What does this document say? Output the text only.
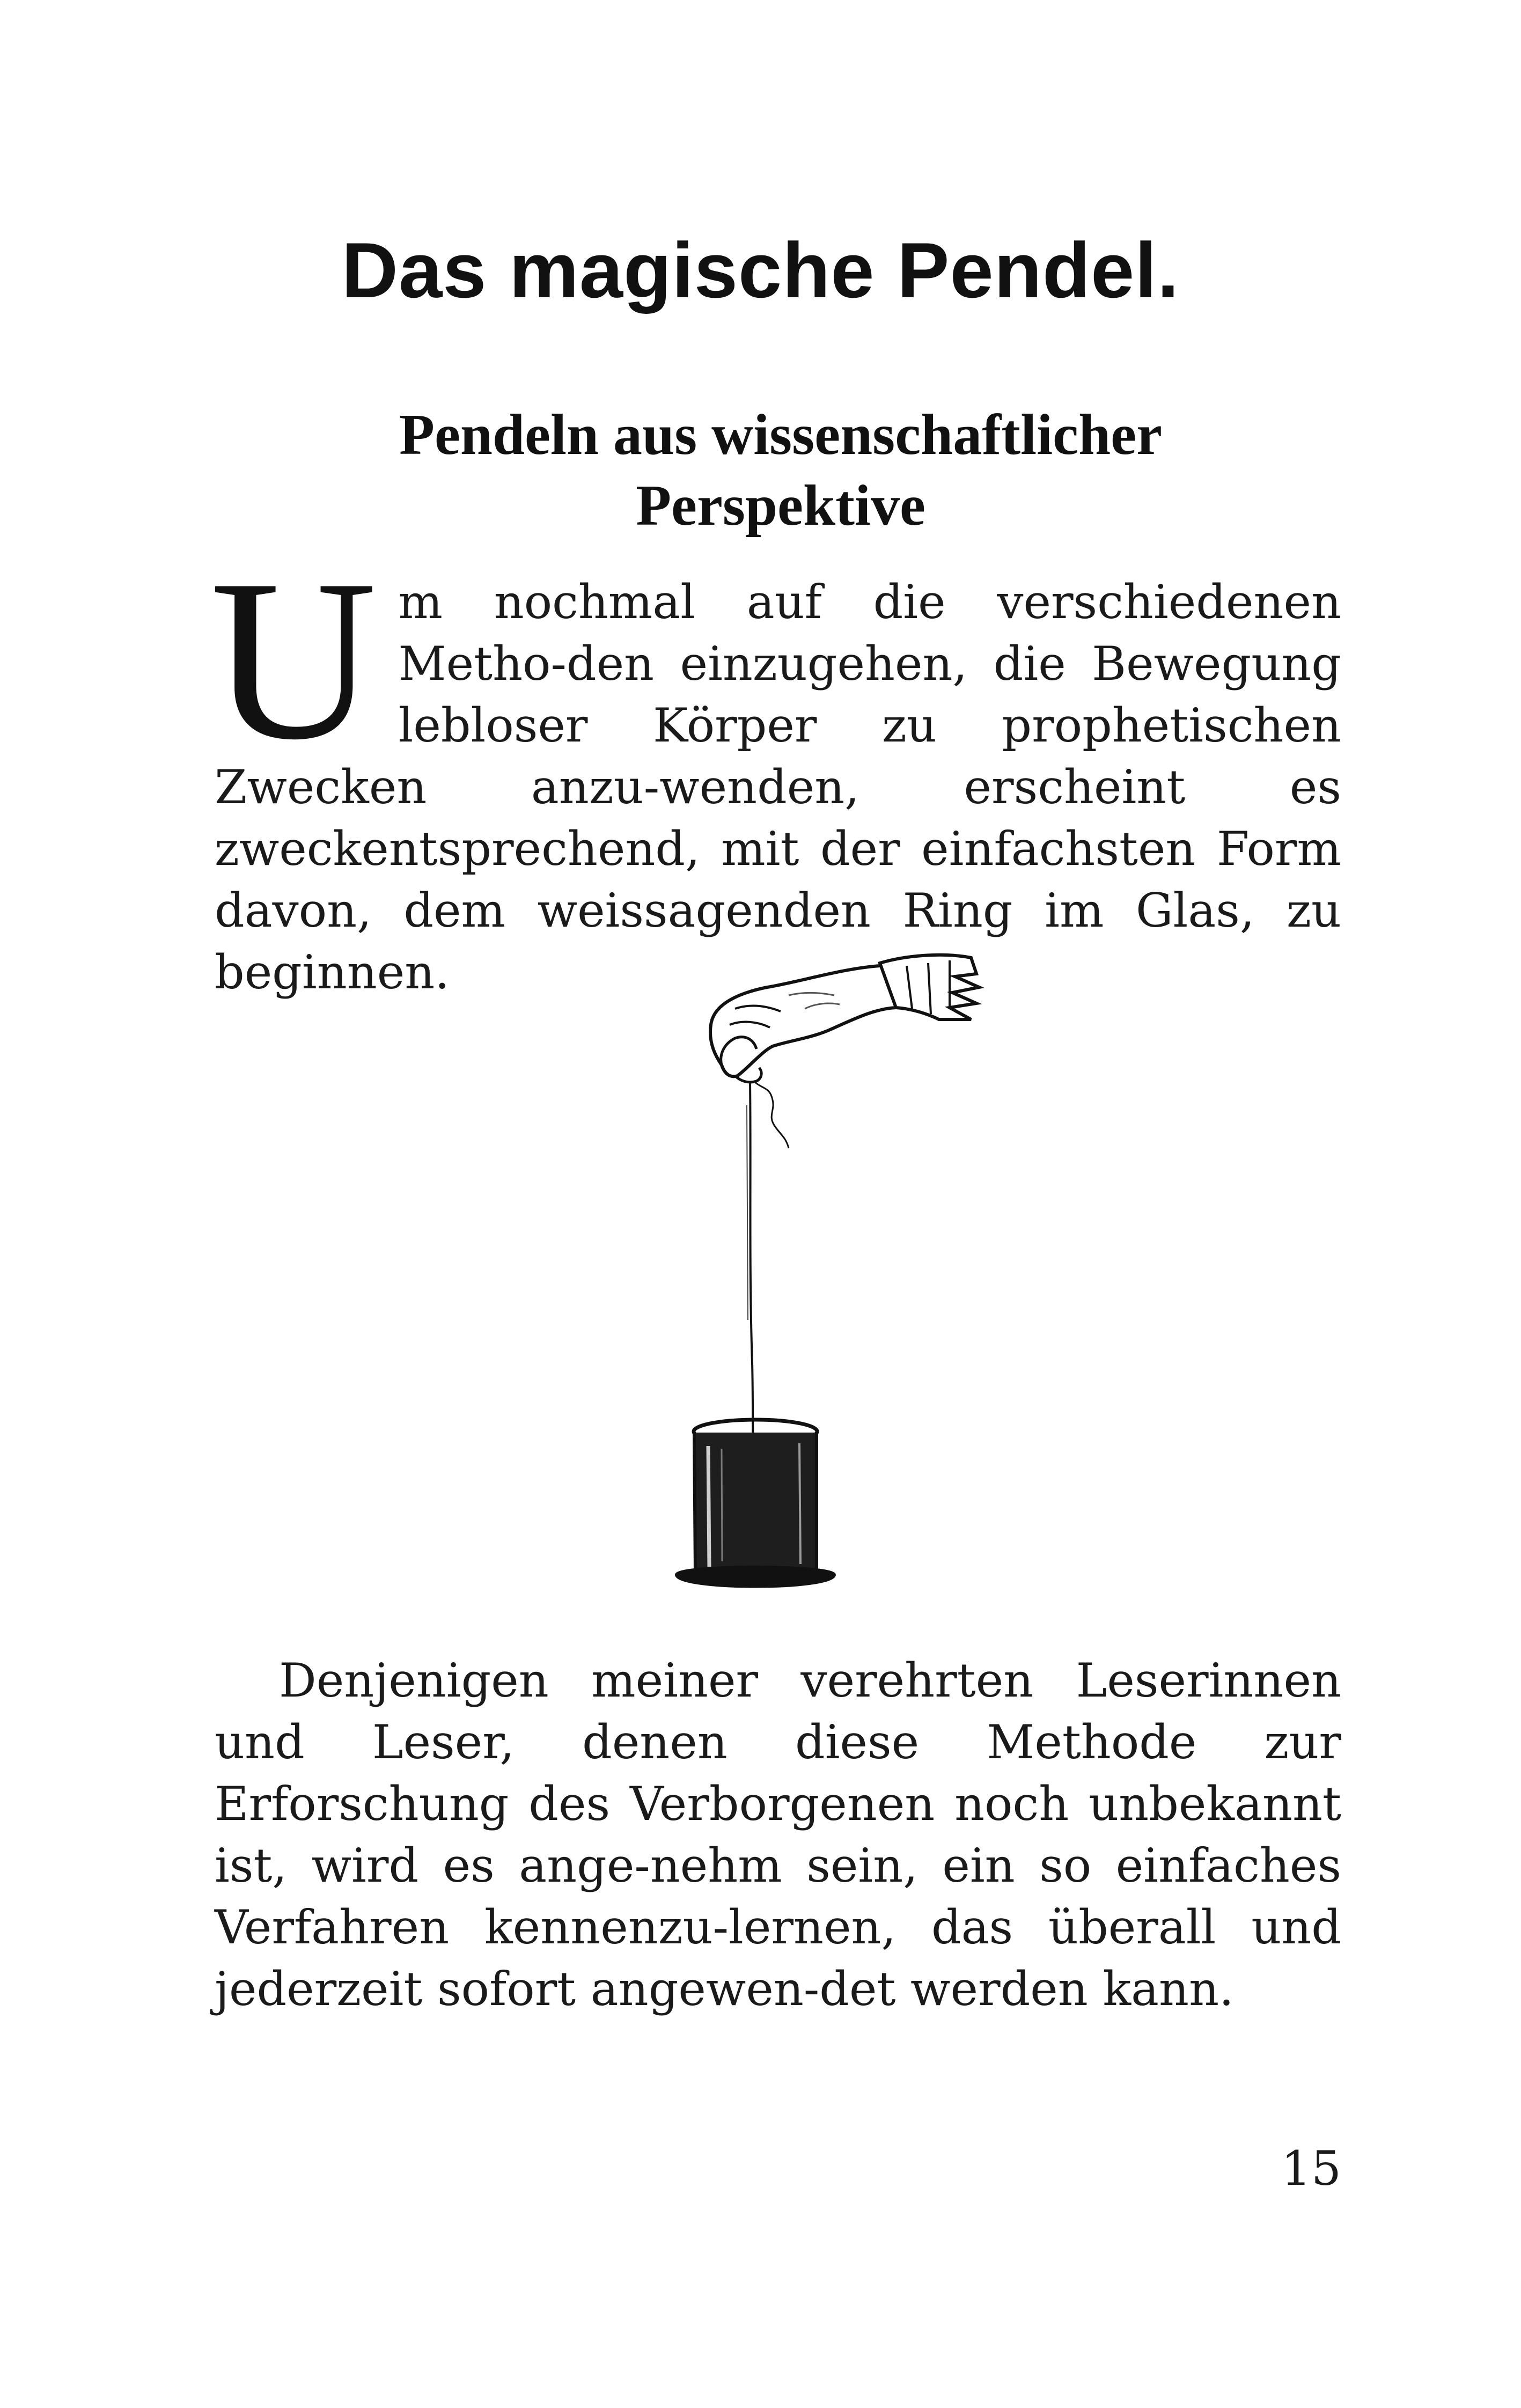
Das magische Pendel.
Pendeln aus wissenschaftlicher
Perspektive

Um nochmal auf die verschiedenen Metho-den einzugehen, die Bewegung lebloser Körper zu prophetischen Zwecken anzu-wenden, erscheint es zweckentsprechend, mit der einfachsten Form davon, dem weissagenden Ring im Glas, zu beginnen.

Denjenigen meiner verehrten Leserinnen und Leser, denen diese Methode zur Erforschung des Verborgenen noch unbekannt ist, wird es ange-nehm sein, ein so einfaches Verfahren kennenzu-lernen, das überall und jederzeit sofort angewen-det werden kann.

15
